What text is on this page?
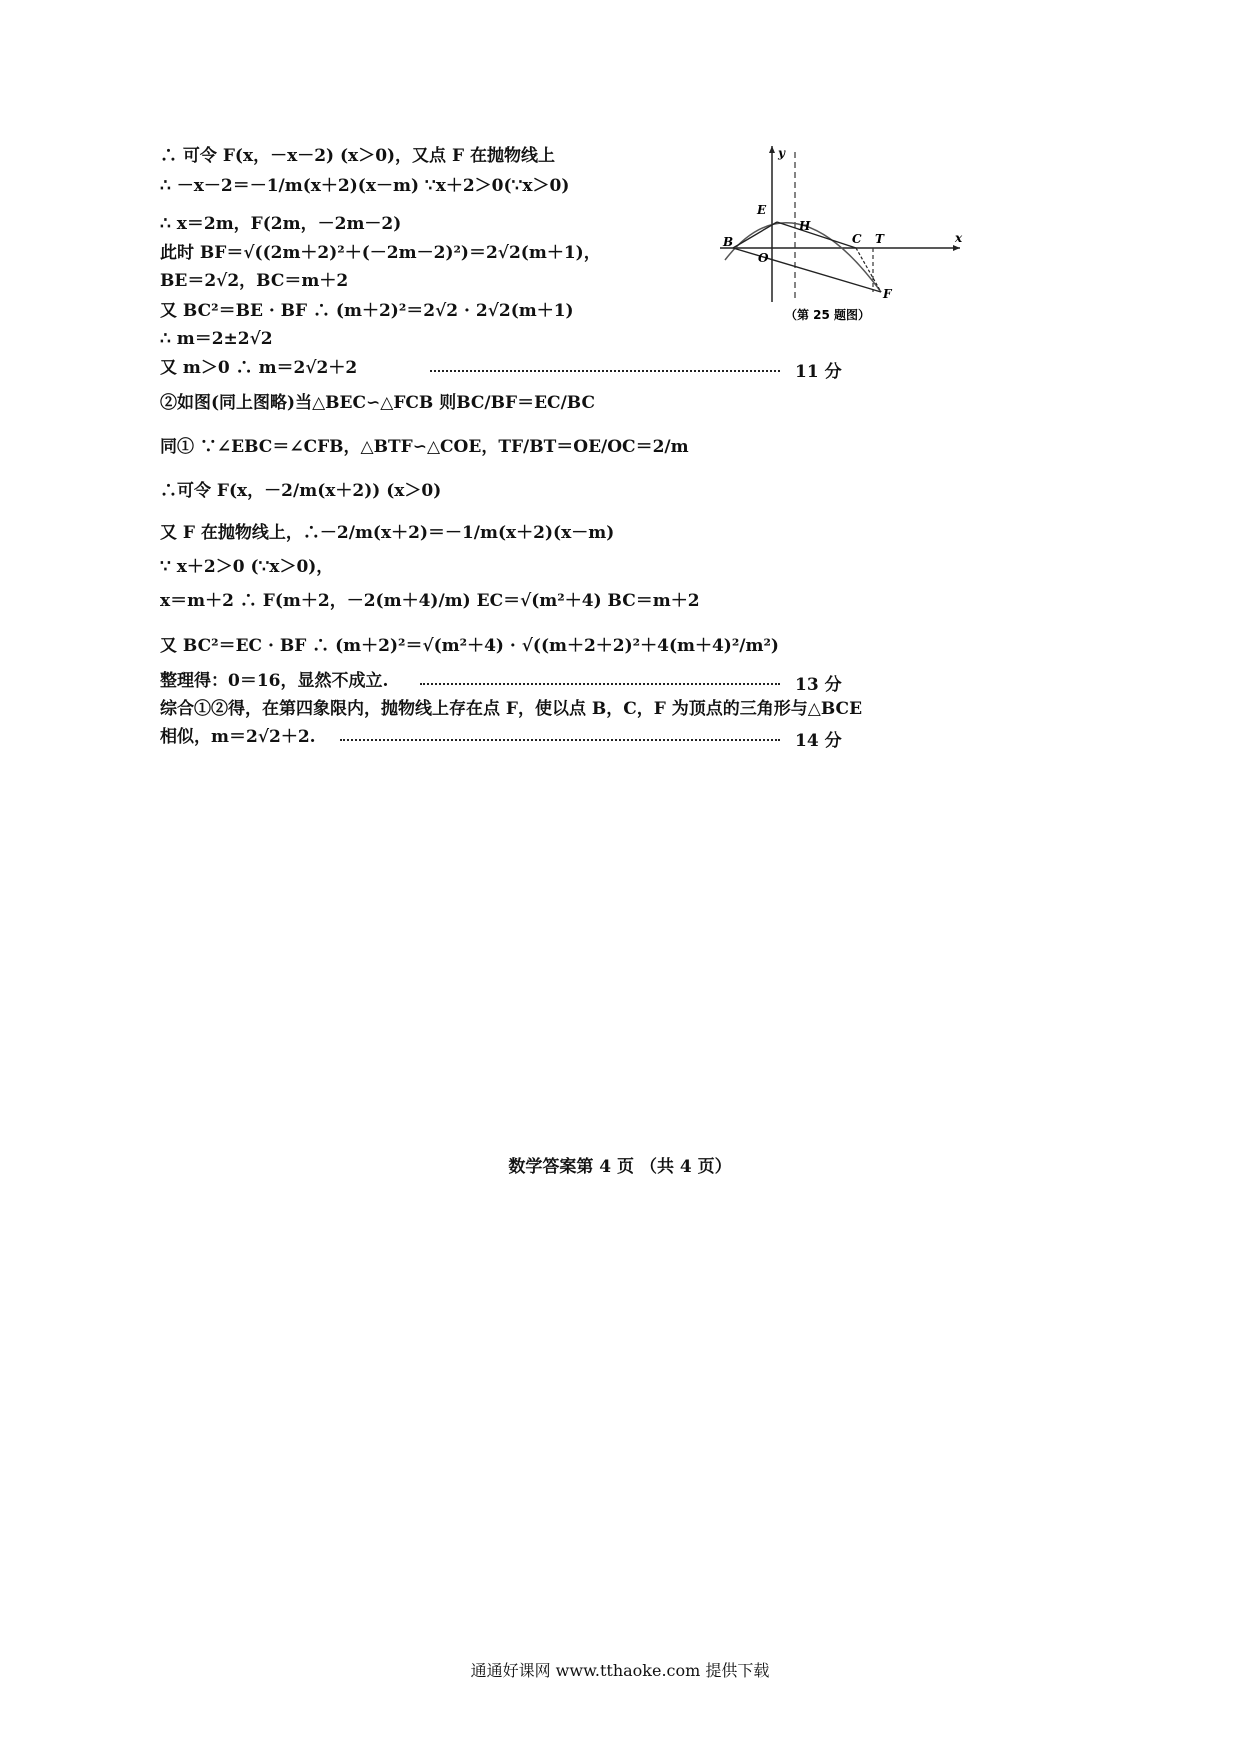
∴ 可令 F(x，－x－2) (x＞0)，又点 F 在抛物线上
∴ －x－2＝－1/m(x＋2)(x－m) ∵x＋2＞0(∵x＞0)
∴ x＝2m，F(2m，－2m－2)
此时 BF＝√((2m＋2)²＋(－2m－2)²)＝2√2(m＋1)，
BE＝2√2，BC＝m＋2
又 BC²＝BE · BF ∴ (m＋2)²＝2√2 · 2√2(m＋1)
∴ m＝2±2√2
又 m＞0 ∴ m＝2√2＋2
②如图(同上图略)当△BEC∽△FCB 则BC/BF＝EC/BC
同① ∵∠EBC＝∠CFB，△BTF∽△COE，TF/BT＝OE/OC＝2/m
∴可令 F(x，－2/m(x＋2)) (x＞0)
又 F 在抛物线上，∴－2/m(x＋2)＝－1/m(x＋2)(x－m)
∵ x＋2＞0 (∵x＞0)，
x＝m＋2 ∴ F(m＋2，－2(m＋4)/m) EC＝√(m²＋4) BC＝m＋2
又 BC²＝EC · BF ∴ (m＋2)²＝√(m²＋4) · √((m＋2＋2)²＋4(m＋4)²/m²)
整理得：0＝16，显然不成立.
综合①②得，在第四象限内，抛物线上存在点 F，使以点 B，C，F 为顶点的三角形与△BCE
相似，m＝2√2＋2.
11 分
13 分
14 分
x
y
B
O
E
H
C T
F
（第 25 题图）
数学答案第 4 页 （共 4 页）
通通好课网 www.tthaoke.com 提供下载
